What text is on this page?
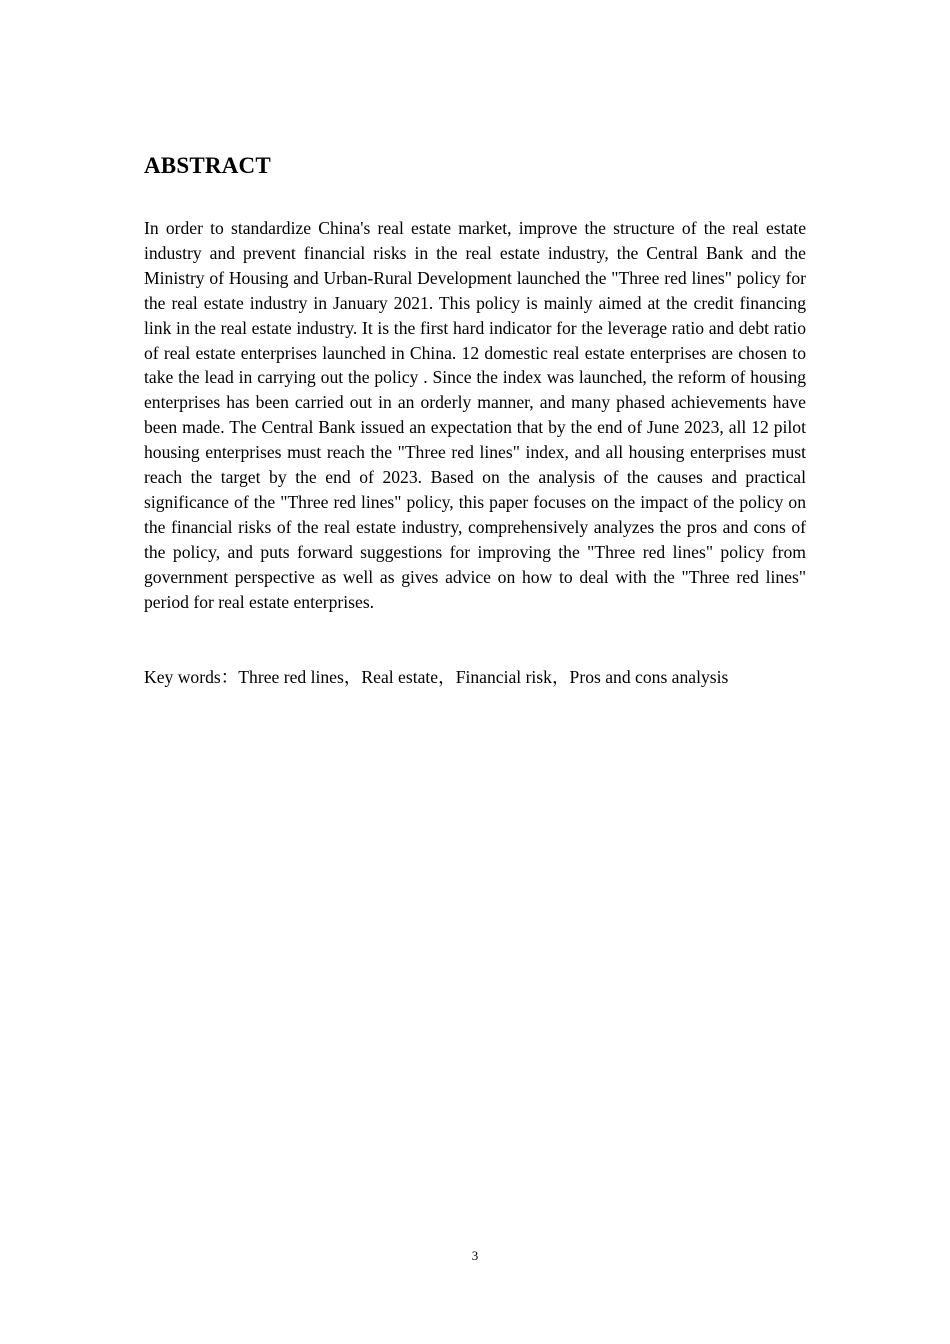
ABSTRACT

In order to standardize China's real estate market, improve the structure of the real estate industry and prevent financial risks in the real estate industry, the Central Bank and the Ministry of Housing and Urban-Rural Development launched the "Three red lines" policy for the real estate industry in January 2021. This policy is mainly aimed at the credit financing link in the real estate industry. It is the first hard indicator for the leverage ratio and debt ratio of real estate enterprises launched in China. 12 domestic real estate enterprises are chosen to take the lead in carrying out the policy . Since the index was launched, the reform of housing enterprises has been carried out in an orderly manner, and many phased achievements have been made. The Central Bank issued an expectation that by the end of June 2023, all 12 pilot housing enterprises must reach the "Three red lines" index, and all housing enterprises must reach the target by the end of 2023. Based on the analysis of the causes and practical significance of the "Three red lines" policy, this paper focuses on the impact of the policy on the financial risks of the real estate industry, comprehensively analyzes the pros and cons of the policy, and puts forward suggestions for improving the "Three red lines" policy from government perspective as well as gives advice on how to deal with the "Three red lines" period for real estate enterprises.

Key words：Three red lines，Real estate，Financial risk，Pros and cons analysis

3
